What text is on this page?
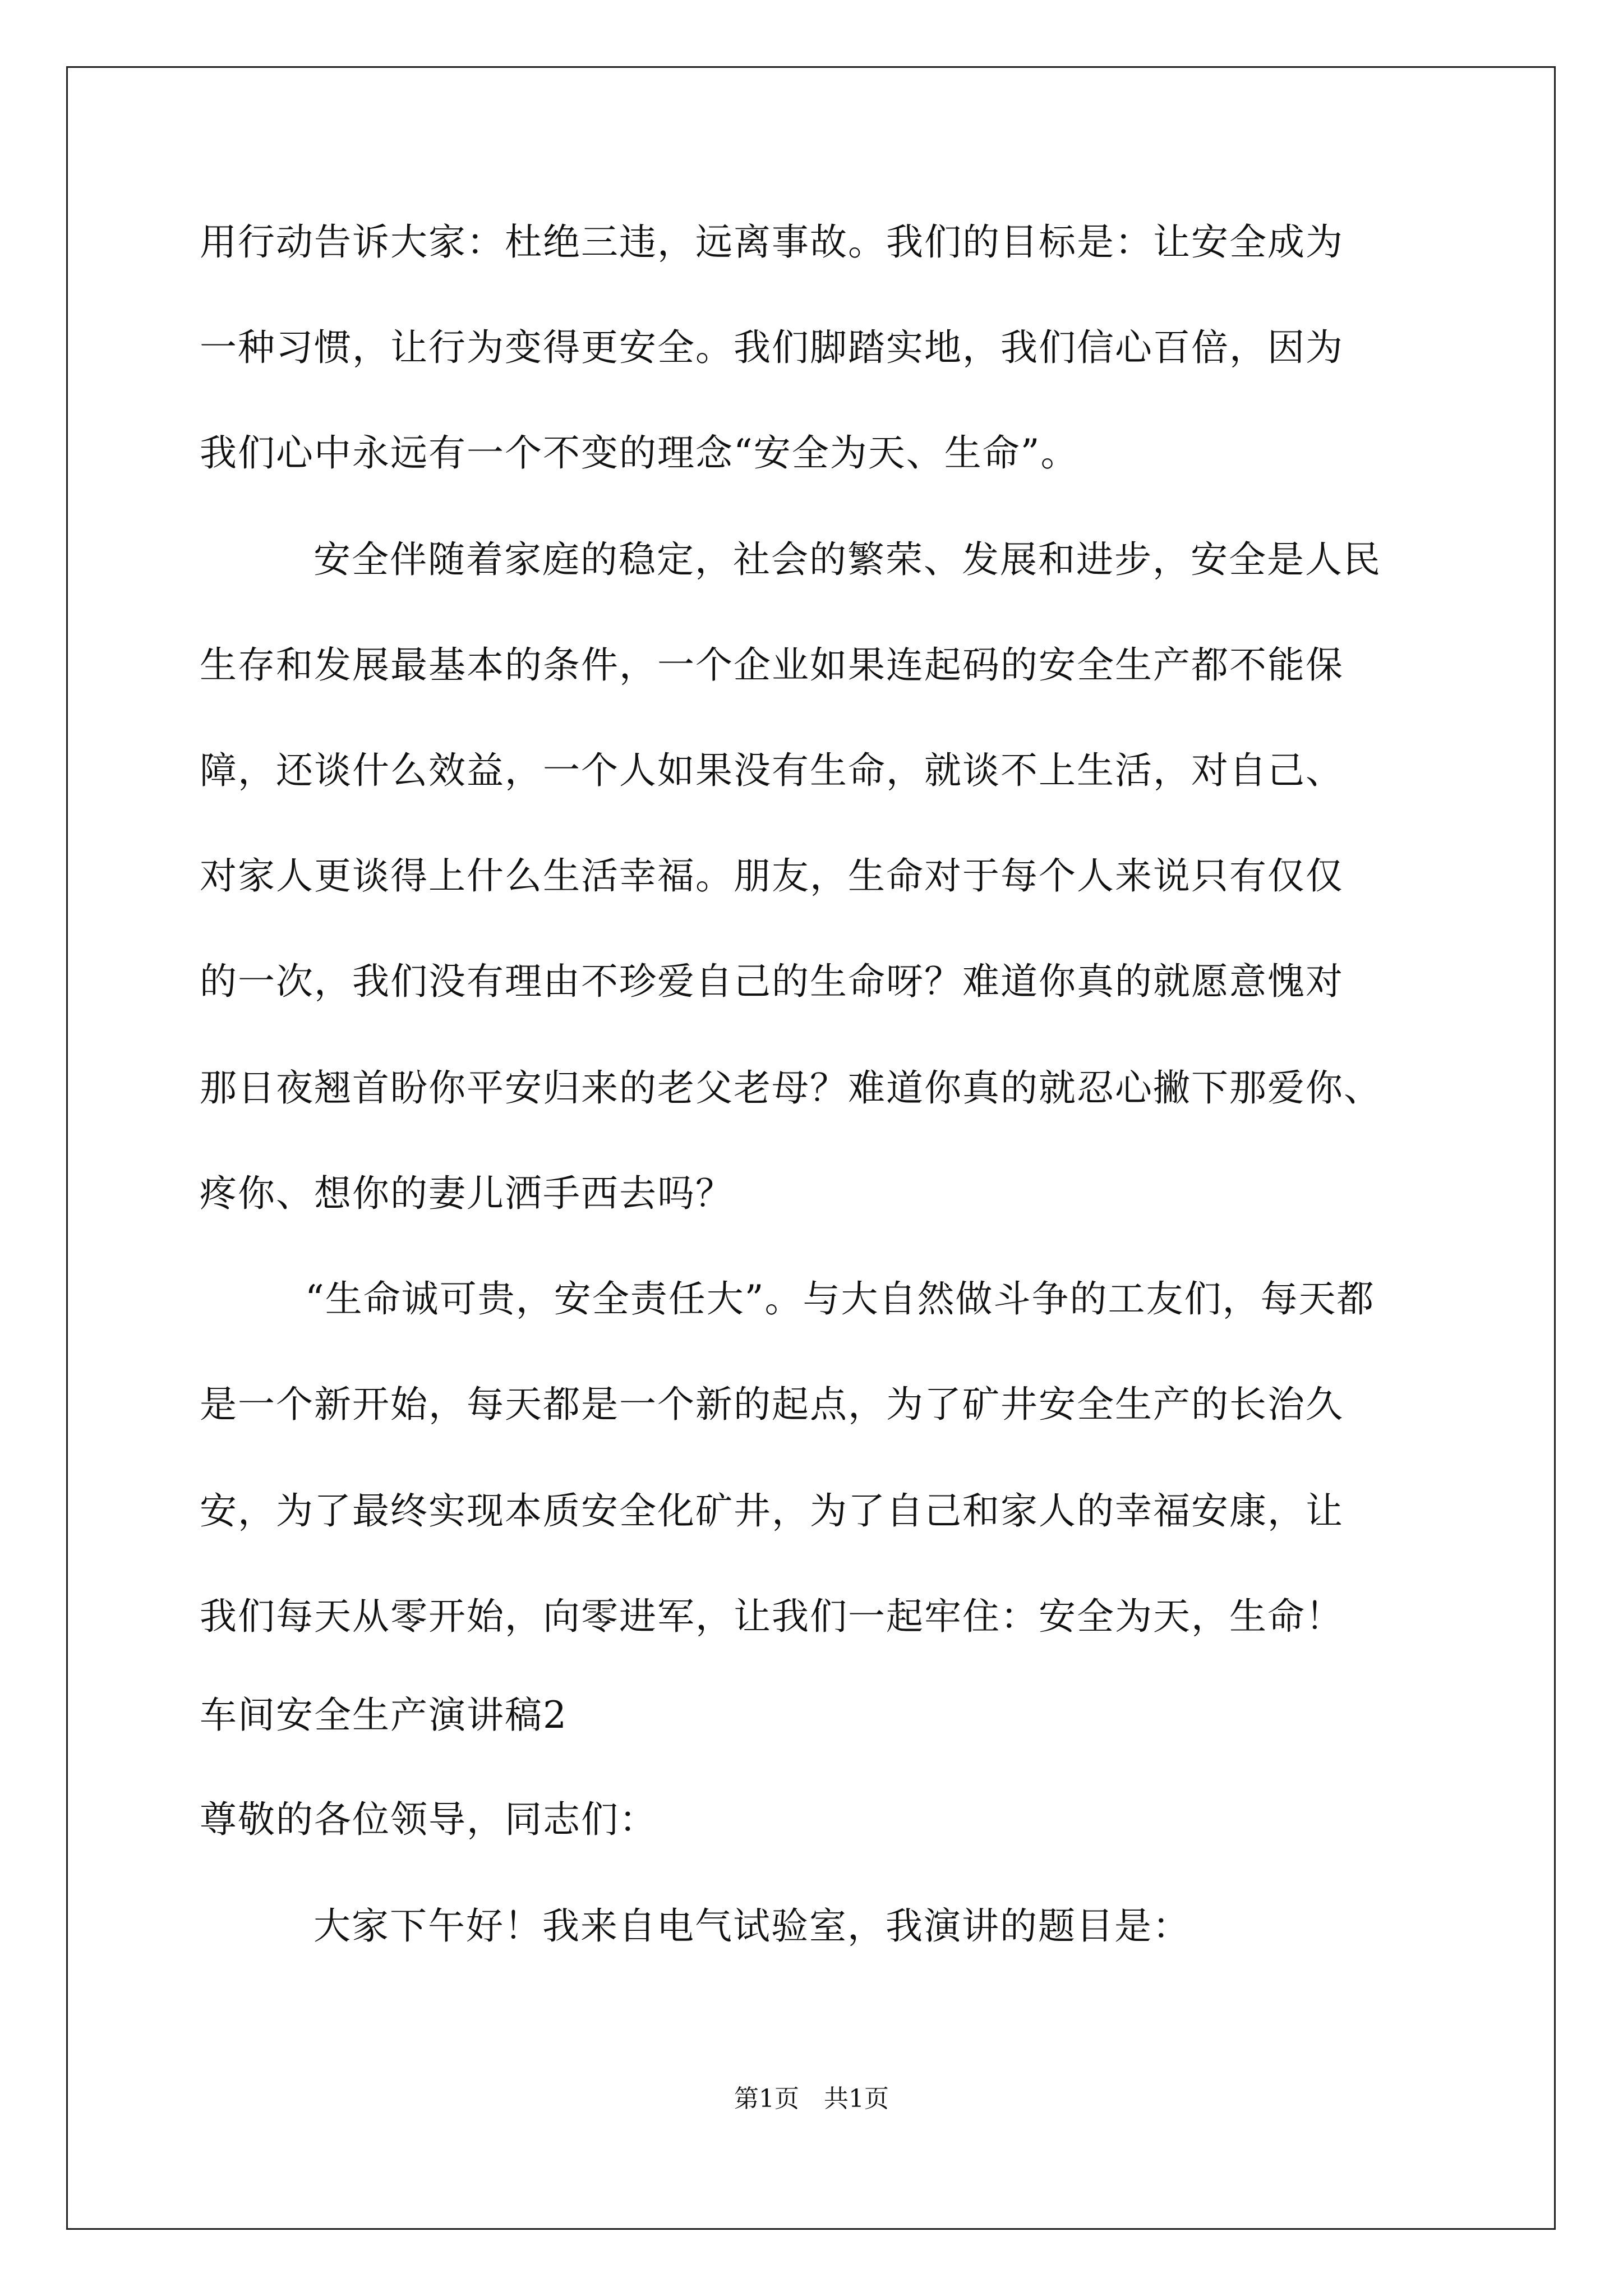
用行动告诉大家：杜绝三违，远离事故。我们的目标是：让安全成为
一种习惯，让行为变得更安全。我们脚踏实地，我们信心百倍，因为
我们心中永远有一个不变的理念“安全为天、生命”。
　安全伴随着家庭的稳定，社会的繁荣、发展和进步，安全是人民
生存和发展最基本的条件，一个企业如果连起码的安全生产都不能保
障，还谈什么效益，一个人如果没有生命，就谈不上生活，对自己、
对家人更谈得上什么生活幸福。朋友，生命对于每个人来说只有仅仅
的一次，我们没有理由不珍爱自己的生命呀？难道你真的就愿意愧对
那日夜翘首盼你平安归来的老父老母？难道你真的就忍心撇下那爱你、
疼你、想你的妻儿洒手西去吗？
　“生命诚可贵，安全责任大”。与大自然做斗争的工友们，每天都
是一个新开始，每天都是一个新的起点，为了矿井安全生产的长治久
安，为了最终实现本质安全化矿井，为了自己和家人的幸福安康，让
我们每天从零开始，向零进军，让我们一起牢住：安全为天，生命！
车间安全生产演讲稿2
尊敬的各位领导，同志们：
　大家下午好！我来自电气试验室，我演讲的题目是：
第1页　共1页
